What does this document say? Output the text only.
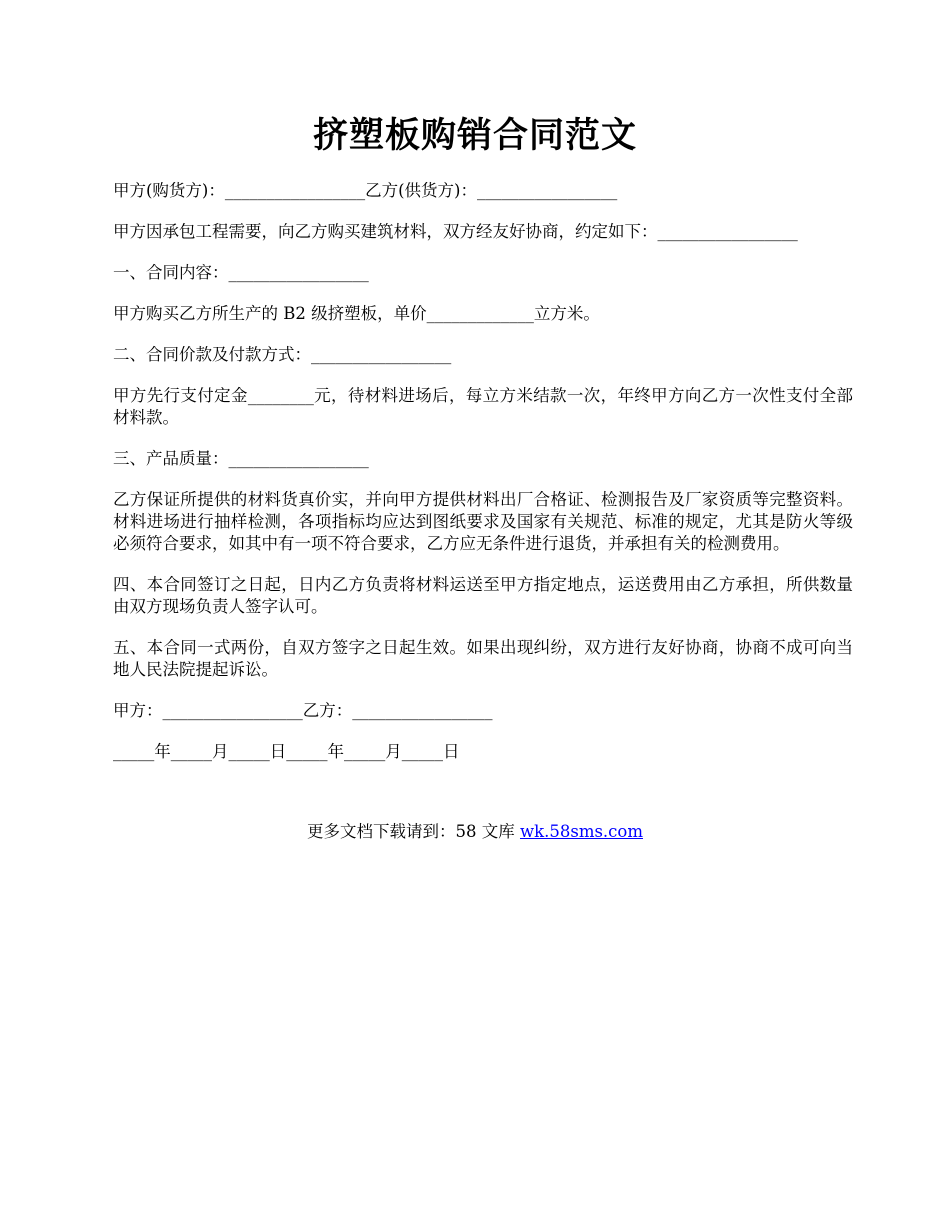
挤塑板购销合同范文

甲方(购货方)：_________________乙方(供货方)：_________________

甲方因承包工程需要，向乙方购买建筑材料，双方经友好协商，约定如下：_________________

一、合同内容：_________________

甲方购买乙方所生产的 B2 级挤塑板，单价_____________立方米。

二、合同价款及付款方式：_________________

甲方先行支付定金________元，待材料进场后，每立方米结款一次，年终甲方向乙方一次性支付全部材料款。

三、产品质量：_________________

乙方保证所提供的材料货真价实，并向甲方提供材料出厂合格证、检测报告及厂家资质等完整资料。材料进场进行抽样检测，各项指标均应达到图纸要求及国家有关规范、标准的规定，尤其是防火等级必须符合要求，如其中有一项不符合要求，乙方应无条件进行退货，并承担有关的检测费用。

四、本合同签订之日起，日内乙方负责将材料运送至甲方指定地点，运送费用由乙方承担，所供数量由双方现场负责人签字认可。

五、本合同一式两份，自双方签字之日起生效。如果出现纠纷，双方进行友好协商，协商不成可向当地人民法院提起诉讼。

甲方：_________________乙方：_________________

_____年_____月_____日_____年_____月_____日

更多文档下载请到：58 文库 wk.58sms.com
